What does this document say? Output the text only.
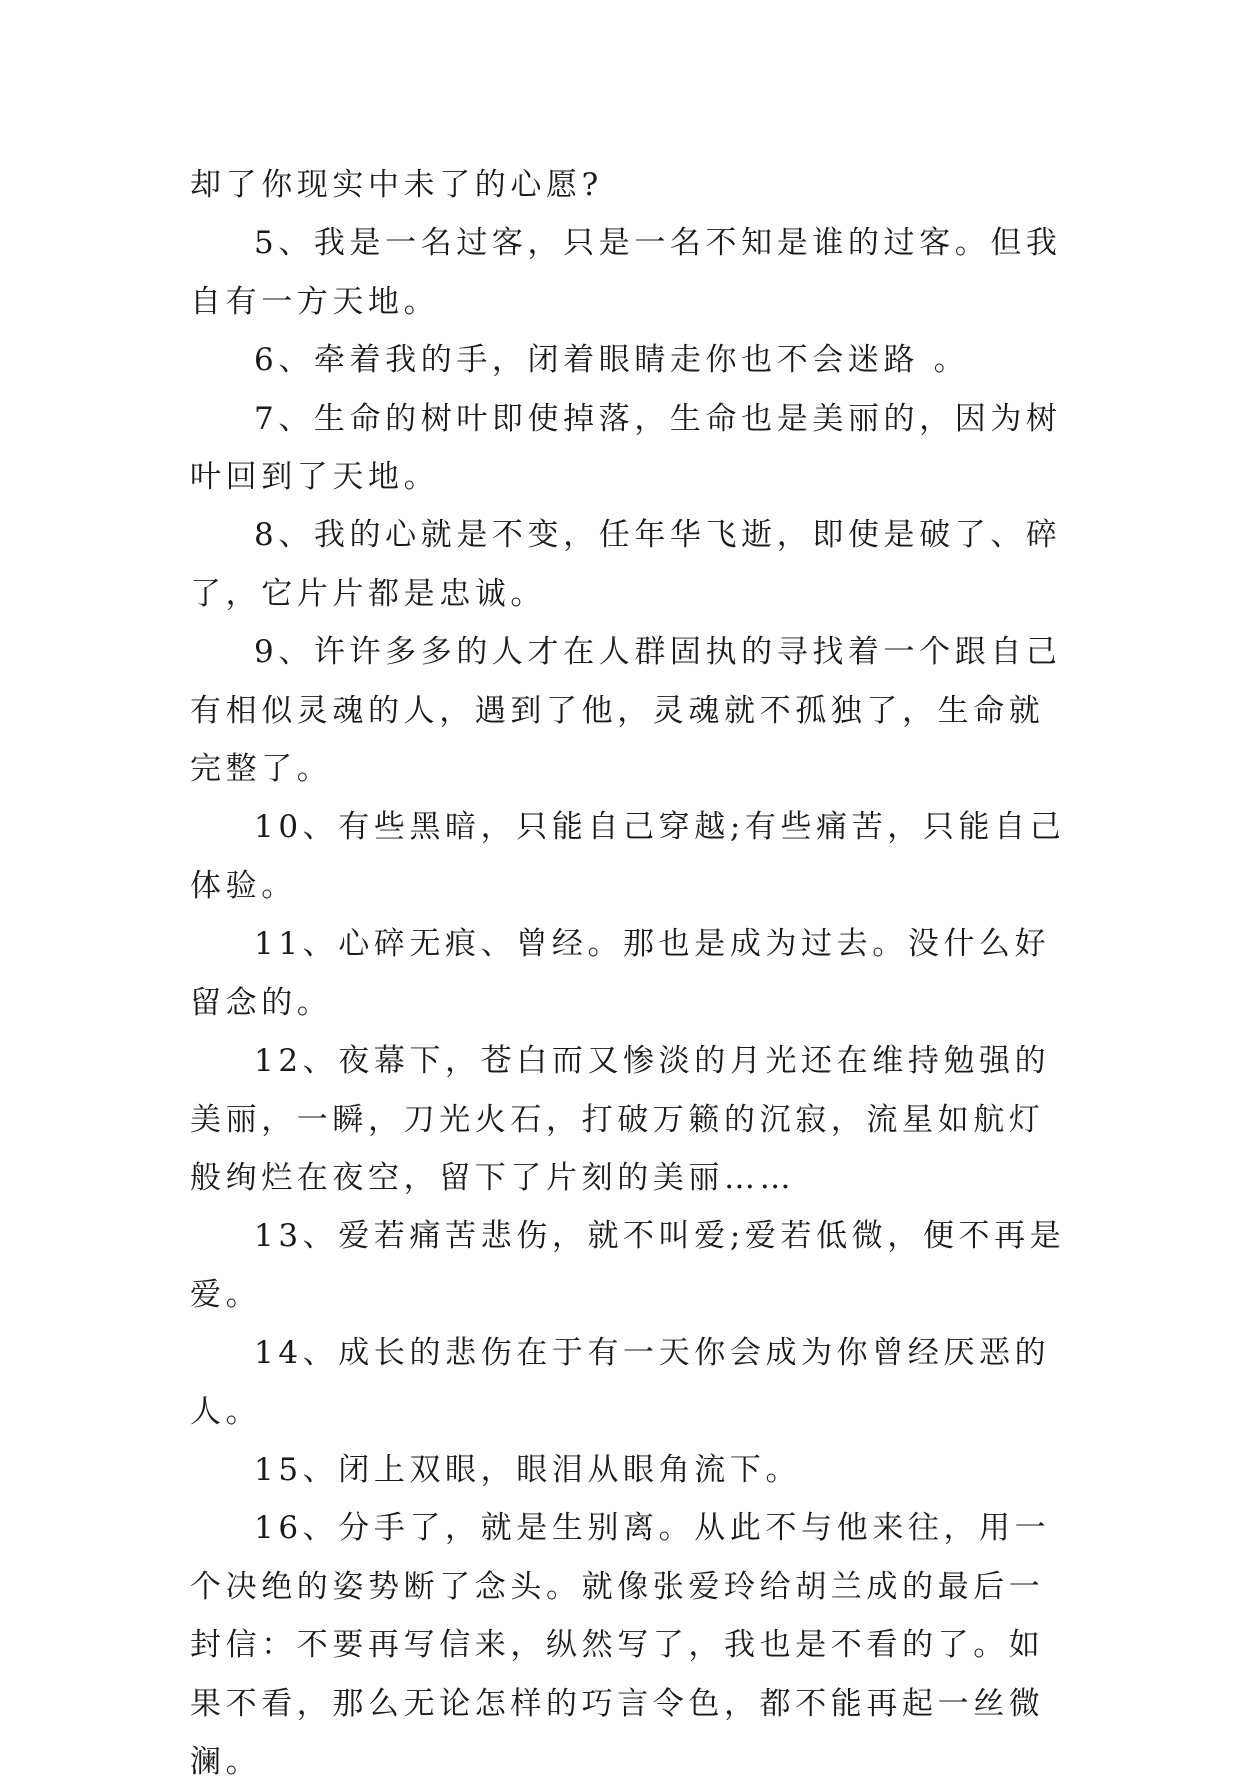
却了你现实中未了的心愿?

5、我是一名过客，只是一名不知是谁的过客。但我自有一方天地。

6、牵着我的手，闭着眼睛走你也不会迷路 。

7、生命的树叶即使掉落，生命也是美丽的，因为树叶回到了天地。

8、我的心就是不变，任年华飞逝，即使是破了、碎了，它片片都是忠诚。

9、许许多多的人才在人群固执的寻找着一个跟自己有相似灵魂的人，遇到了他，灵魂就不孤独了，生命就完整了。

10、有些黑暗，只能自己穿越;有些痛苦，只能自己体验。

11、心碎无痕、曾经。那也是成为过去。没什么好留念的。

12、夜幕下，苍白而又惨淡的月光还在维持勉强的美丽，一瞬，刀光火石，打破万籁的沉寂，流星如航灯般绚烂在夜空，留下了片刻的美丽……

13、爱若痛苦悲伤，就不叫爱;爱若低微，便不再是爱。

14、成长的悲伤在于有一天你会成为你曾经厌恶的人。

15、闭上双眼，眼泪从眼角流下。

16、分手了，就是生别离。从此不与他来往，用一个决绝的姿势断了念头。就像张爱玲给胡兰成的最后一封信：不要再写信来，纵然写了，我也是不看的了。如果不看，那么无论怎样的巧言令色，都不能再起一丝微澜。
